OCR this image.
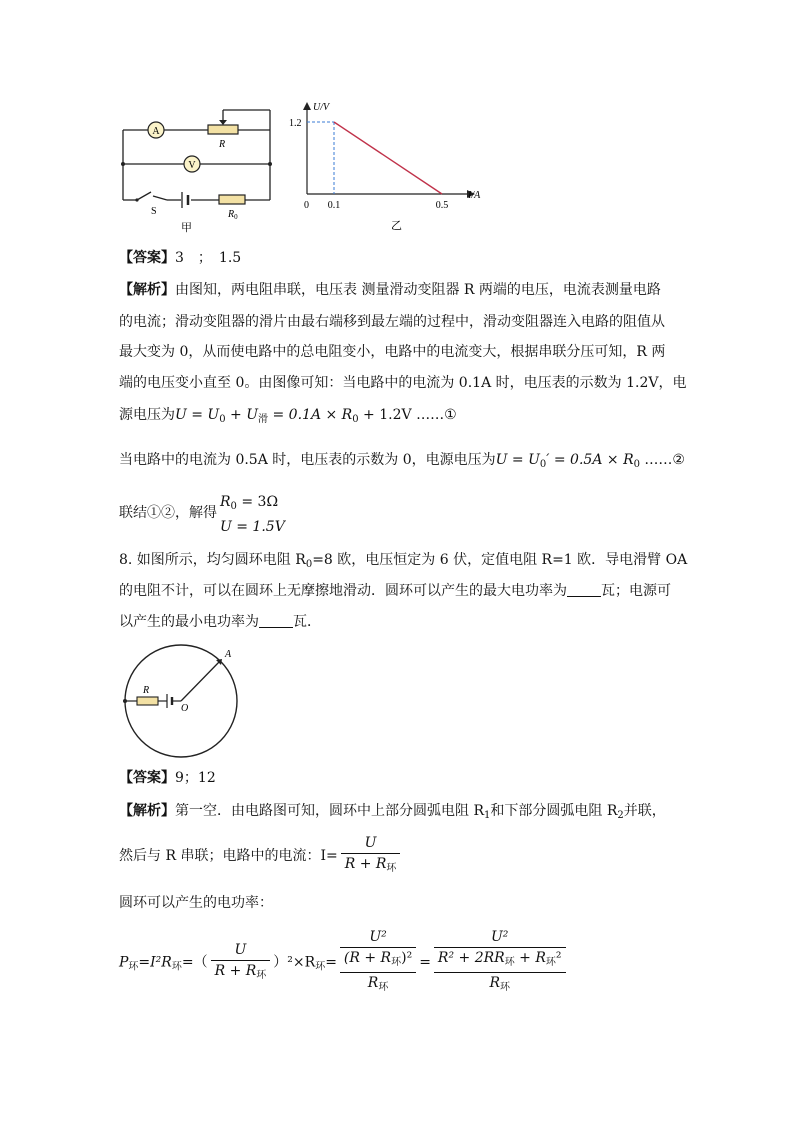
A
V
R
$R_0$
S
甲
U/V
I/A
1.2
0 0.1	0.5
乙
【答案】3　；　1.5
【解析】由图知，两电阻串联，电压表 测量滑动变阻器 R 两端的电压，电流表测量电路
的电流；滑动变阻器的滑片由最右端移到最左端的过程中，滑动变阻器连入电路的阻值从
最大变为 0，从而使电路中的总电阻变小，电路中的电流变大，根据串联分压可知，R 两
端的电压变小直至 0。由图像可知：当电路中的电流为 0.1A 时，电压表的示数为 1.2V，电
源电压为$U = U_0 + U_滑 = 0.1A \times R_0 + 1.2V$ ……①
当电路中的电流为 0.5A 时，电压表的示数为 0，电源电压为$U = U_0' = 0.5A \times R_0$ ……②
联结①②，解得
$R_0 = 3\Omega$
U = 1.5V
8. 如图所示，均匀圆环电阻 $R_0=8$ 欧，电压恒定为 6 伏，定值电阻 R=1 欧．导电滑臂 OA
的电阻不计，可以在圆环上无摩擦地滑动．圆环可以产生的最大电功率为 瓦；电源可
以产生的最小电功率为 瓦．
R
O
A
【答案】9；12
【解析】第一空．由电路图可知，圆环中上部分圆弧电阻 $R_1$和下部分圆弧电阻 $R_2$并联，
然后与 R 串联；电路中的电流：$I= \frac{U}{R + R_环}$
圆环可以产生的电功率：
$P_环=I^2R_环=( \frac{U}{R + R_环} )^2\times R_环=$
U²
$(R + R_环)^2$
$R_环$
=
U²
$R^2 + 2RR_环 + R_环^2$
$R_环$
